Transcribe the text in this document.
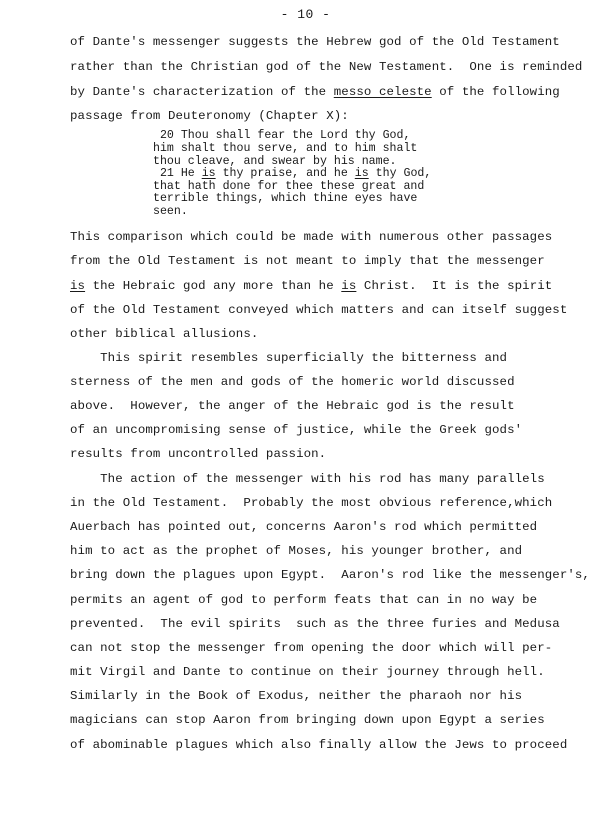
- 10 -
of Dante's messenger suggests the Hebrew god of the Old Testament
rather than the Christian god of the New Testament.  One is reminded
by Dante's characterization of the messo celeste of the following
passage from Deuteronomy (Chapter X):
20 Thou shall fear the Lord thy God,
him shalt thou serve, and to him shalt
thou cleave, and swear by his name.
21 He is thy praise, and he is thy God,
that hath done for thee these great and
terrible things, which thine eyes have
seen.
This comparison which could be made with numerous other passages
from the Old Testament is not meant to imply that the messenger
is the Hebraic god any more than he is Christ.  It is the spirit
of the Old Testament conveyed which matters and can itself suggest
other biblical allusions.
This spirit resembles superficially the bitterness and
sterness of the men and gods of the homeric world discussed
above.  However, the anger of the Hebraic god is the result
of an uncompromising sense of justice, while the Greek gods'
results from uncontrolled passion.
The action of the messenger with his rod has many parallels
in the Old Testament.  Probably the most obvious reference,which
Auerbach has pointed out, concerns Aaron's rod which permitted
him to act as the prophet of Moses, his younger brother, and
bring down the plagues upon Egypt.  Aaron's rod like the messenger's,
permits an agent of god to perform feats that can in no way be
prevented.  The evil spirits  such as the three furies and Medusa
can not stop the messenger from opening the door which will per-
mit Virgil and Dante to continue on their journey through hell.
Similarly in the Book of Exodus, neither the pharaoh nor his
magicians can stop Aaron from bringing down upon Egypt a series
of abominable plagues which also finally allow the Jews to proceed
